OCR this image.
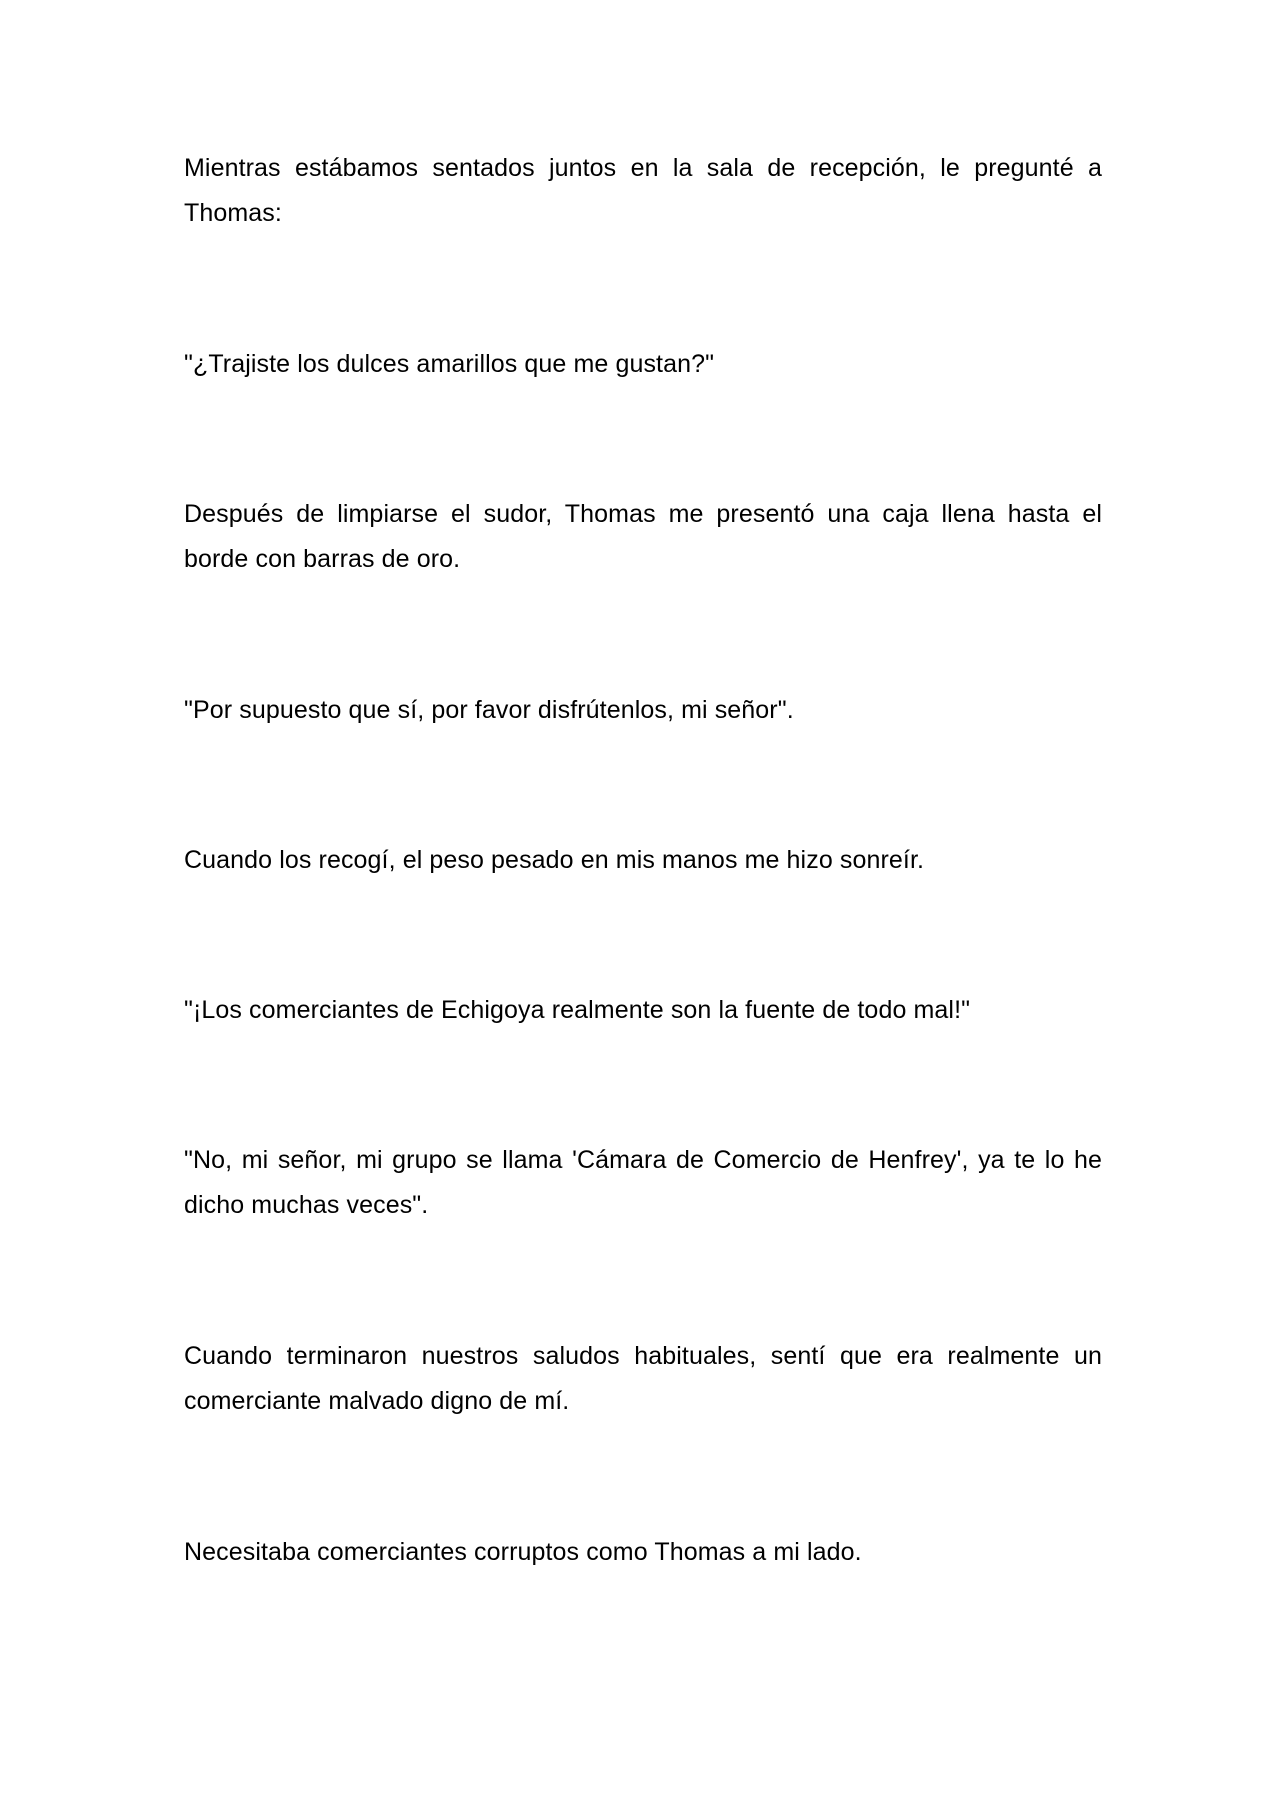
Mientras estábamos sentados juntos en la sala de recepción, le pregunté a Thomas:

"¿Trajiste los dulces amarillos que me gustan?"

Después de limpiarse el sudor, Thomas me presentó una caja llena hasta el borde con barras de oro.

"Por supuesto que sí, por favor disfrútenlos, mi señor".

Cuando los recogí, el peso pesado en mis manos me hizo sonreír.

"¡Los comerciantes de Echigoya realmente son la fuente de todo mal!"

"No, mi señor, mi grupo se llama 'Cámara de Comercio de Henfrey', ya te lo he dicho muchas veces".

Cuando terminaron nuestros saludos habituales, sentí que era realmente un comerciante malvado digno de mí.

Necesitaba comerciantes corruptos como Thomas a mi lado.
